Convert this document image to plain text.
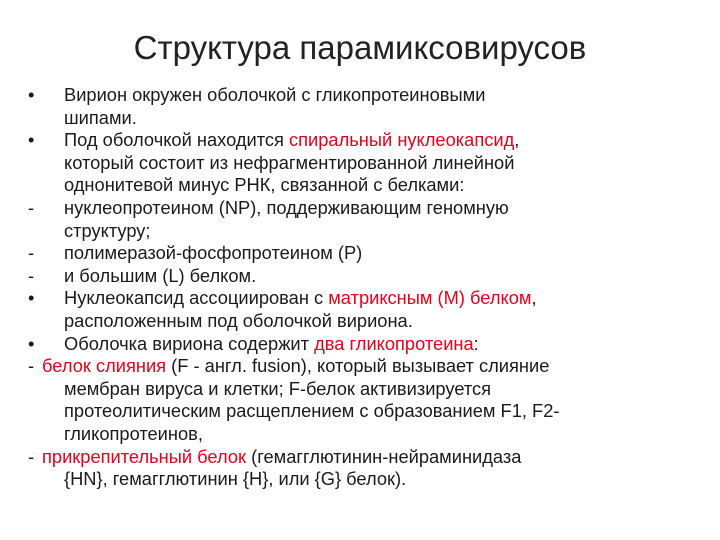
Структура парамиксовирусов
•	Вирион окружен оболочкой с гликопротеиновыми
шипами.
•	Под оболочкой находится спиральный нуклеокапсид,
который состоит из нефрагментированной линейной
однонитевой минус РНК, связанной с белками:
-	нуклеопротеином (NP), поддерживающим геномную
структуру;
-	полимеразой-фосфопротеином (P)
-	и большим (L) белком.
•	Нуклеокапсид ассоциирован с матриксным (М) белком,
расположенным под оболочкой вириона.
•	Оболочка вириона содержит два гликопротеина:
- белок слияния (F - англ. fusion), который вызывает слияние
мембран вируса и клетки; F-белок активизируется
протеолитическим расщеплением с образованием F1, F2-
гликопротеинов,
- прикрепительный белок (гемагглютинин-нейраминидаза
{HN}, гемагглютинин {Н}, или {G} белок).
